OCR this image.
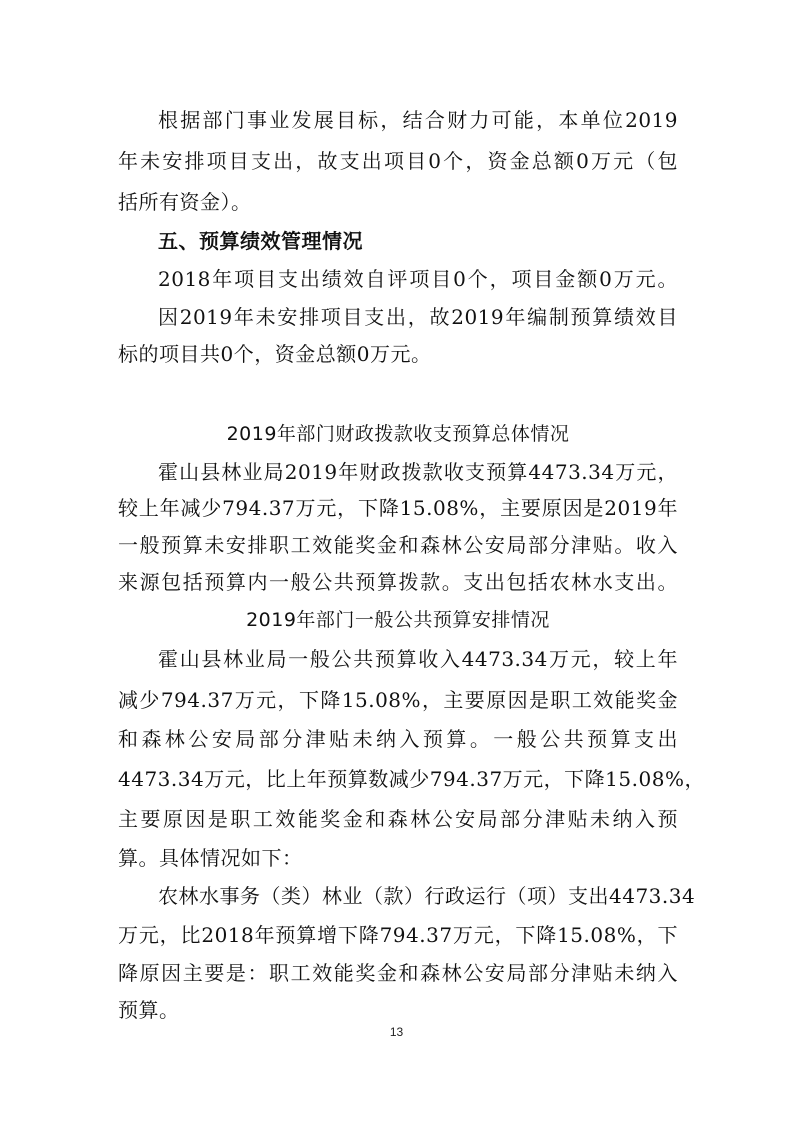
根据部门事业发展目标，结合财力可能，本单位2019
年未安排项目支出，故支出项目0个，资金总额0万元（包
括所有资金）。
五、预算绩效管理情况
2018年项目支出绩效自评项目0个，项目金额0万元。
因2019年未安排项目支出，故2019年编制预算绩效目
标的项目共0个，资金总额0万元。
2019年部门财政拨款收支预算总体情况
霍山县林业局2019年财政拨款收支预算4473.34万元，
较上年减少794.37万元，下降15.08%，主要原因是2019年
一般预算未安排职工效能奖金和森林公安局部分津贴。收入
来源包括预算内一般公共预算拨款。支出包括农林水支出。
2019年部门一般公共预算安排情况
霍山县林业局一般公共预算收入4473.34万元，较上年
减少794.37万元，下降15.08%，主要原因是职工效能奖金
和森林公安局部分津贴未纳入预算。一般公共预算支出
4473.34万元，比上年预算数减少794.37万元，下降15.08%，
主要原因是职工效能奖金和森林公安局部分津贴未纳入预
算。具体情况如下：
农林水事务（类）林业（款）行政运行（项）支出4473.34
万元，比2018年预算增下降794.37万元，下降15.08%，下
降原因主要是：职工效能奖金和森林公安局部分津贴未纳入
预算。
13
